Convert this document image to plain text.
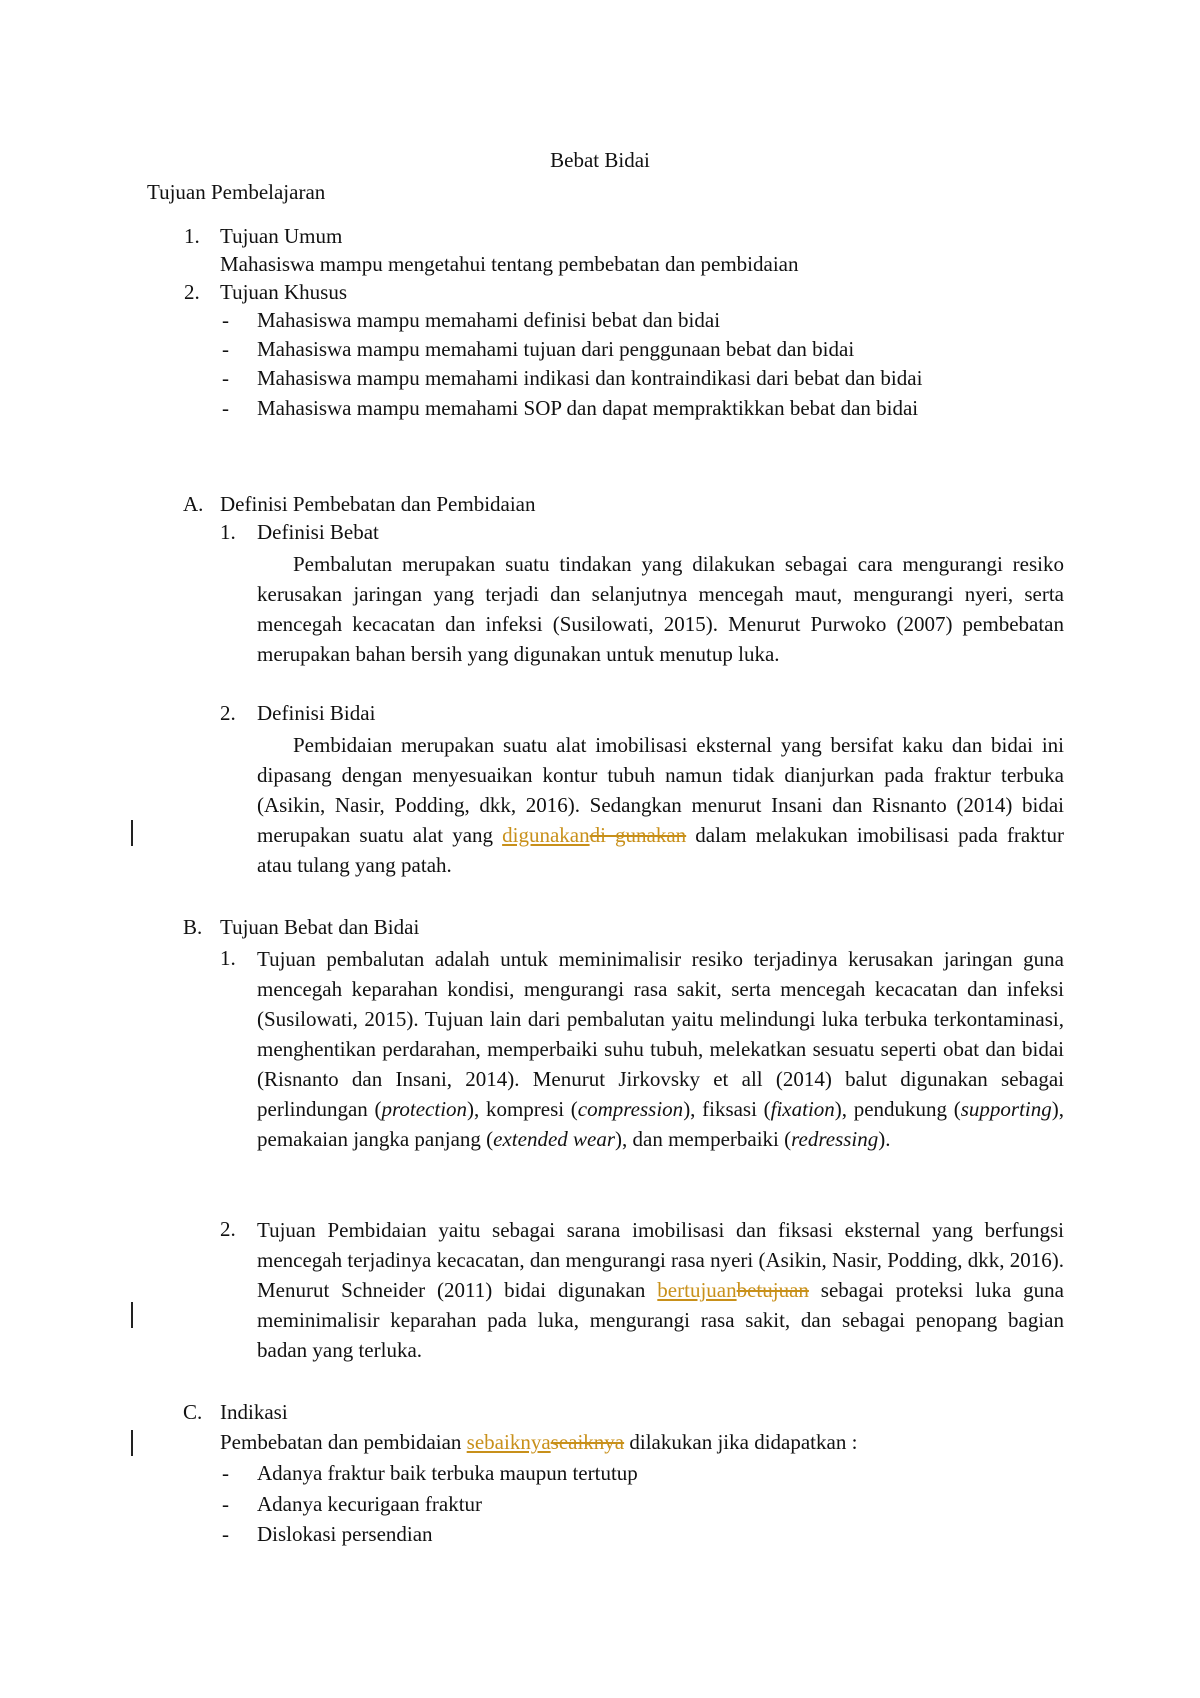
Bebat Bidai
Tujuan Pembelajaran
1. Tujuan Umum
Mahasiswa mampu mengetahui tentang pembebatan dan pembidaian
2. Tujuan Khusus
- Mahasiswa mampu memahami definisi bebat dan bidai
- Mahasiswa mampu memahami tujuan dari penggunaan bebat dan bidai
- Mahasiswa mampu memahami indikasi dan kontraindikasi dari bebat dan bidai
- Mahasiswa mampu memahami SOP dan dapat mempraktikkan bebat dan bidai
A. Definisi Pembebatan dan Pembidaian
1. Definisi Bebat
Pembalutan merupakan suatu tindakan yang dilakukan sebagai cara mengurangi resiko kerusakan jaringan yang terjadi dan selanjutnya mencegah maut, mengurangi nyeri, serta mencegah kecacatan dan infeksi (Susilowati, 2015). Menurut Purwoko (2007) pembebatan merupakan bahan bersih yang digunakan untuk menutup luka.
2. Definisi Bidai
Pembidaian merupakan suatu alat imobilisasi eksternal yang bersifat kaku dan bidai ini dipasang dengan menyesuaikan kontur tubuh namun tidak dianjurkan pada fraktur terbuka (Asikin, Nasir, Podding, dkk, 2016). Sedangkan menurut Insani dan Risnanto (2014) bidai merupakan suatu alat yang digunakandi gunakan dalam melakukan imobilisasi pada fraktur atau tulang yang patah.
B. Tujuan Bebat dan Bidai
1. Tujuan pembalutan adalah untuk meminimalisir resiko terjadinya kerusakan jaringan guna mencegah keparahan kondisi, mengurangi rasa sakit, serta mencegah kecacatan dan infeksi (Susilowati, 2015). Tujuan lain dari pembalutan yaitu melindungi luka terbuka terkontaminasi, menghentikan perdarahan, memperbaiki suhu tubuh, melekatkan sesuatu seperti obat dan bidai (Risnanto dan Insani, 2014). Menurut Jirkovsky et all (2014) balut digunakan sebagai perlindungan (protection), kompresi (compression), fiksasi (fixation), pendukung (supporting), pemakaian jangka panjang (extended wear), dan memperbaiki (redressing).
2. Tujuan Pembidaian yaitu sebagai sarana imobilisasi dan fiksasi eksternal yang berfungsi mencegah terjadinya kecacatan, dan mengurangi rasa nyeri (Asikin, Nasir, Podding, dkk, 2016). Menurut Schneider (2011) bidai digunakan bertujuanbetujuan sebagai proteksi luka guna meminimalisir keparahan pada luka, mengurangi rasa sakit, dan sebagai penopang bagian badan yang terluka.
C. Indikasi
Pembebatan dan pembidaian sebaiknyaseaiknya dilakukan jika didapatkan :
- Adanya fraktur baik terbuka maupun tertutup
- Adanya kecurigaan fraktur
- Dislokasi persendian
